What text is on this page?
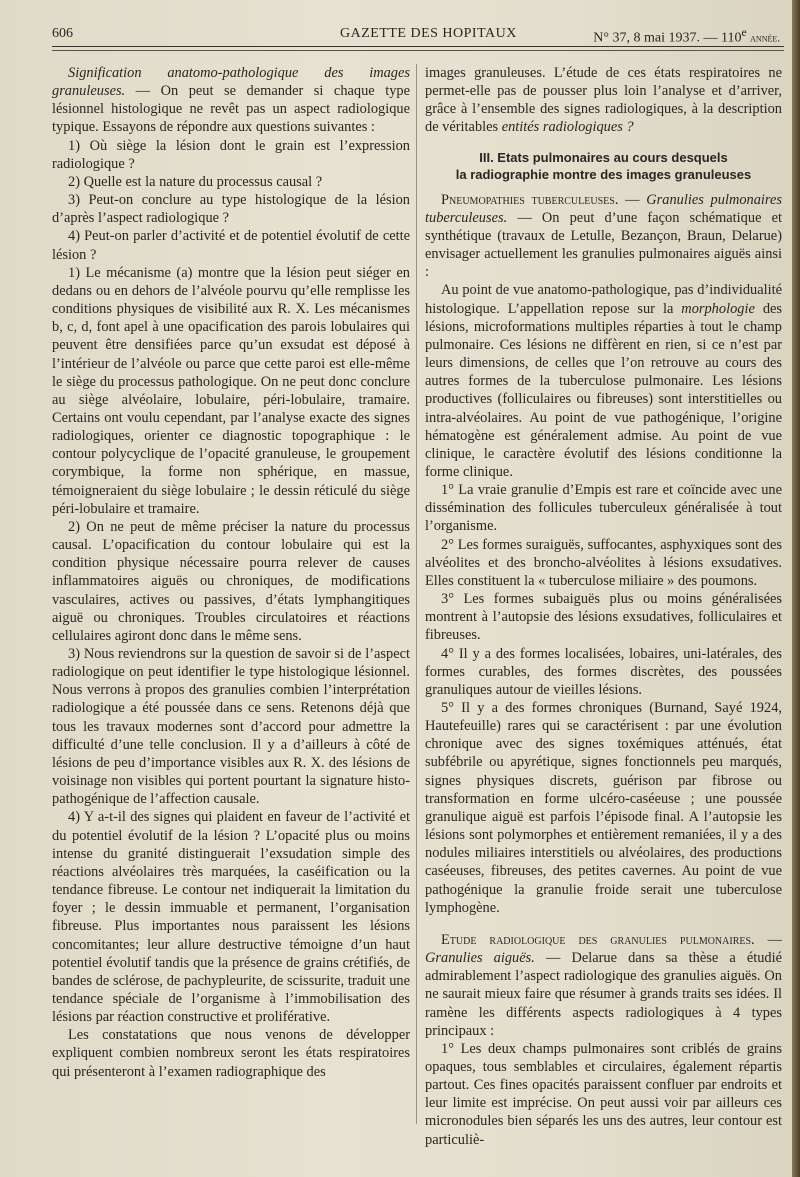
606	GAZETTE DES HOPITAUX	N° 37, 8 mai 1937. — 110e année.

Signification anatomo-pathologique des images granuleuses. — On peut se demander si chaque type lésionnel histologique ne revêt pas un aspect radiologique typique. Essayons de répondre aux questions suivantes :

1) Où siège la lésion dont le grain est l’expression radiologique ?

2) Quelle est la nature du processus causal ?

3) Peut-on conclure au type histologique de la lésion d’après l’aspect radiologique ?

4) Peut-on parler d’activité et de potentiel évolutif de cette lésion ?

1) Le mécanisme (a) montre que la lésion peut siéger en dedans ou en dehors de l’alvéole pourvu qu’elle remplisse les conditions physiques de visibilité aux R. X. Les mécanismes b, c, d, font apel à une opacification des parois lobulaires qui peuvent être densifiées parce qu’un exsudat est déposé à l’intérieur de l’alvéole ou parce que cette paroi est elle-même le siège du processus pathologique. On ne peut donc conclure au siège alvéolaire, lobulaire, péri-lobulaire, tramaire. Certains ont voulu cependant, par l’analyse exacte des signes radiologiques, orienter ce diagnostic topographique : le contour polycyclique de l’opacité granuleuse, le groupement corymbique, la forme non sphérique, en massue, témoigneraient du siège lobulaire ; le dessin réticulé du siège péri-lobulaire et tramaire.

2) On ne peut de même préciser la nature du processus causal. L’opacification du contour lobulaire qui est la condition physique nécessaire pourra relever de causes inflammatoires aiguës ou chroniques, de modifications vasculaires, actives ou passives, d’états lymphangitiques aiguë ou chroniques. Troubles circulatoires et réactions cellulaires agiront donc dans le même sens.

3) Nous reviendrons sur la question de savoir si de l’aspect radiologique on peut identifier le type histologique lésionnel. Nous verrons à propos des granulies combien l’interprétation radiologique a été poussée dans ce sens. Retenons déjà que tous les travaux modernes sont d’accord pour admettre la difficulté d’une telle conclusion. Il y a d’ailleurs à côté de lésions de peu d’importance visibles aux R. X. des lésions de voisinage non visibles qui portent pourtant la signature histo-pathogénique de l’affection causale.

4) Y a-t-il des signes qui plaident en faveur de l’activité et du potentiel évolutif de la lésion ? L’opacité plus ou moins intense du granité distinguerait l’exsudation simple des réactions alvéolaires très marquées, la caséification ou la tendance fibreuse. Le contour net indiquerait la limitation du foyer ; le dessin immuable et permanent, l’organisation fibreuse. Plus importantes nous paraissent les lésions concomitantes; leur allure destructive témoigne d’un haut potentiel évolutif tandis que la présence de grains crétifiés, de bandes de sclérose, de pachypleurite, de scissurite, traduit une tendance spéciale de l’organisme à l’immobilisation des lésions par réaction constructive et proliférative.

Les constatations que nous venons de développer expliquent combien nombreux seront les états respiratoires qui présenteront à l’examen radiographique des

images granuleuses. L’étude de ces états respiratoires ne permet-elle pas de pousser plus loin l’analyse et d’arriver, grâce à l’ensemble des signes radiologiques, à la description de véritables entités radiologiques ?

III. Etats pulmonaires au cours desquels
la radiographie montre des images granuleuses

Pneumopathies tuberculeuses. — Granulies pulmonaires tuberculeuses. — On peut d’une façon schématique et synthétique (travaux de Letulle, Bezançon, Braun, Delarue) envisager actuellement les granulies pulmonaires aiguës ainsi :

Au point de vue anatomo-pathologique, pas d’individualité histologique. L’appellation repose sur la morphologie des lésions, microformations multiples réparties à tout le champ pulmonaire. Ces lésions ne diffèrent en rien, si ce n’est par leurs dimensions, de celles que l’on retrouve au cours des autres formes de la tuberculose pulmonaire. Les lésions productives (folliculaires ou fibreuses) sont interstitielles ou intra-alvéolaires. Au point de vue pathogénique, l’origine hématogène est généralement admise. Au point de vue clinique, le caractère évolutif des lésions conditionne la forme clinique.

1° La vraie granulie d’Empis est rare et coïncide avec une dissémination des follicules tuberculeux généralisée à tout l’organisme.

2° Les formes suraiguës, suffocantes, asphyxiques sont des alvéolites et des broncho-alvéolites à lésions exsudatives. Elles constituent la « tuberculose miliaire » des poumons.

3° Les formes subaiguës plus ou moins généralisées montrent à l’autopsie des lésions exsudatives, folliculaires et fibreuses.

4° Il y a des formes localisées, lobaires, uni-latérales, des formes curables, des formes discrètes, des poussées granuliques autour de vieilles lésions.

5° Il y a des formes chroniques (Burnand, Sayé 1924, Hautefeuille) rares qui se caractérisent : par une évolution chronique avec des signes toxémiques atténués, état subfébrile ou apyrétique, signes fonctionnels peu marqués, signes physiques discrets, guérison par fibrose ou transformation en forme ulcéro-caséeuse ; une poussée granulique aiguë est parfois l’épisode final. A l’autopsie les lésions sont polymorphes et entièrement remaniées, il y a des nodules miliaires interstitiels ou alvéolaires, des productions caséeuses, fibreuses, des petites cavernes. Au point de vue pathogénique la granulie froide serait une tuberculose lymphogène.

Etude radiologique des granulies pulmonaires. — Granulies aiguës. — Delarue dans sa thèse a étudié admirablement l’aspect radiologique des granulies aiguës. On ne saurait mieux faire que résumer à grands traits ses idées. Il ramène les différents aspects radiologiques à 4 types principaux :

1° Les deux champs pulmonaires sont criblés de grains opaques, tous semblables et circulaires, également répartis partout. Ces fines opacités paraissent confluer par endroits et leur limite est imprécise. On peut aussi voir par ailleurs ces micronodules bien séparés les uns des autres, leur contour est particuliè-
